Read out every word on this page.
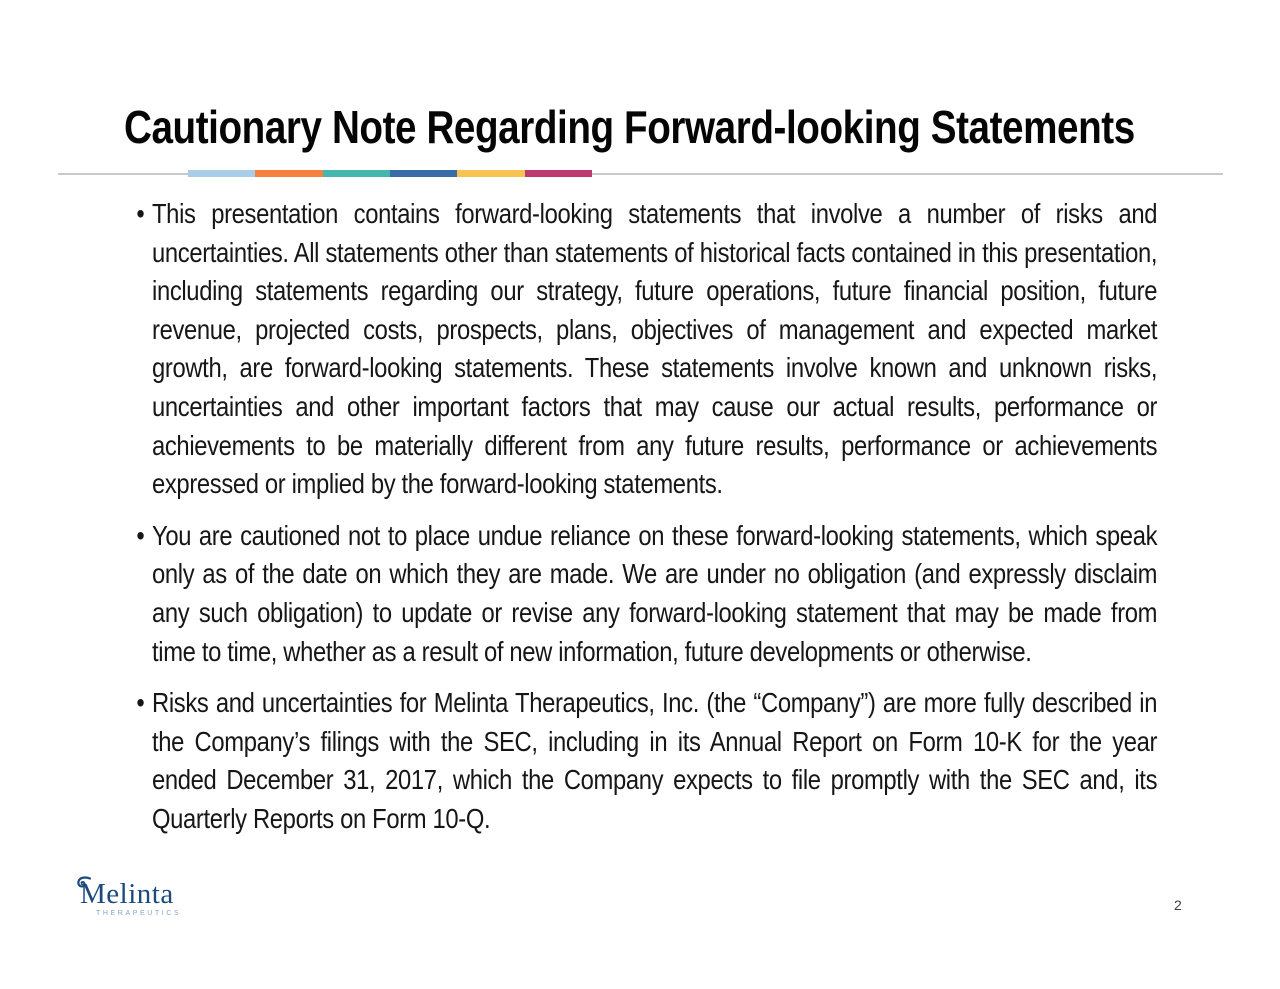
Cautionary Note Regarding Forward-looking Statements
• This presentation contains forward-looking statements that involve a number of risks and uncertainties. All statements other than statements of historical facts contained in this presentation, including statements regarding our strategy, future operations, future financial position, future revenue, projected costs, prospects, plans, objectives of management and expected market growth, are forward-looking statements. These statements involve known and unknown risks, uncertainties and other important factors that may cause our actual results, performance or achievements to be materially different from any future results, performance or achievements expressed or implied by the forward-looking statements.
• You are cautioned not to place undue reliance on these forward-looking statements, which speak only as of the date on which they are made. We are under no obligation (and expressly disclaim any such obligation) to update or revise any forward-looking statement that may be made from time to time, whether as a result of new information, future developments or otherwise.
• Risks and uncertainties for Melinta Therapeutics, Inc. (the “Company”) are more fully described in the Company’s filings with the SEC, including in its Annual Report on Form 10-K for the year ended December 31, 2017, which the Company expects to file promptly with the SEC and, its Quarterly Reports on Form 10-Q.
Melinta
THERAPEUTICS
2
